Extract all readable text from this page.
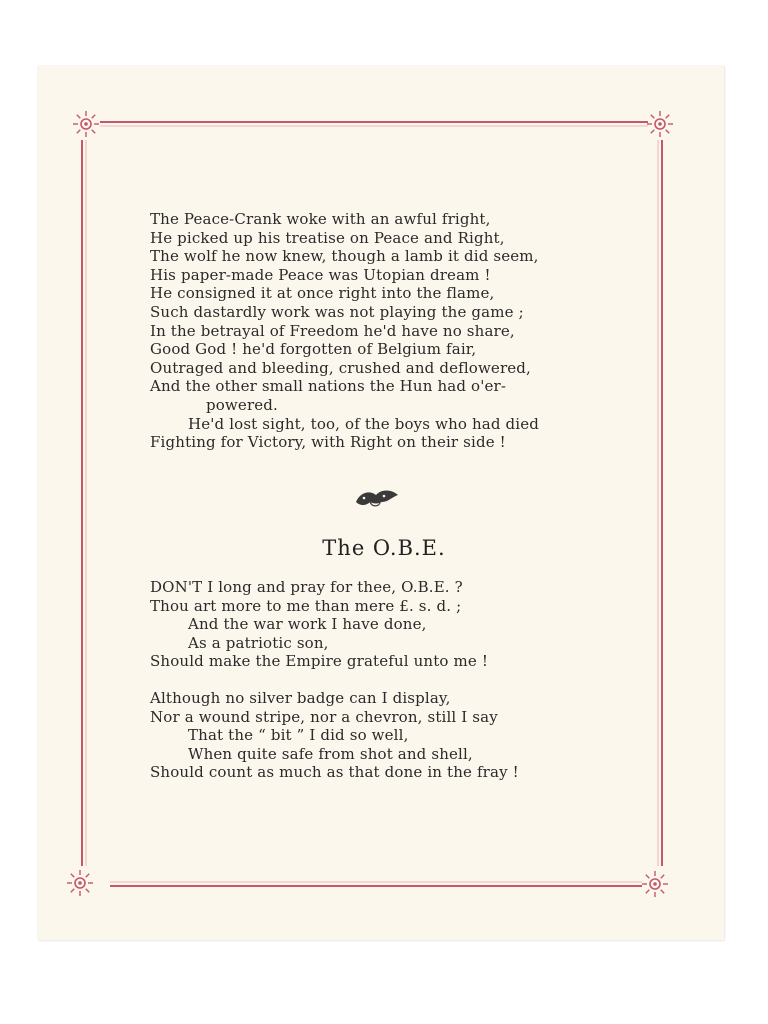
The Peace-Crank woke with an awful fright,
He picked up his treatise on Peace and Right,
The wolf he now knew, though a lamb it did seem,
His paper-made Peace was Utopian dream !
He consigned it at once right into the flame,
Such dastardly work was not playing the game ;
In the betrayal of Freedom he'd have no share,
Good God ! he'd forgotten of Belgium fair,
Outraged and bleeding, crushed and deflowered,
And the other small nations the Hun had o'er-
powered.
He'd lost sight, too, of the boys who had died
Fighting for Victory, with Right on their side !
The O.B.E.
DON'T I long and pray for thee, O.B.E. ?
Thou art more to me than mere £. s. d. ;
And the war work I have done,
As a patriotic son,
Should make the Empire grateful unto me !
Although no silver badge can I display,
Nor a wound stripe, nor a chevron, still I say
That the “ bit ” I did so well,
When quite safe from shot and shell,
Should count as much as that done in the fray !
